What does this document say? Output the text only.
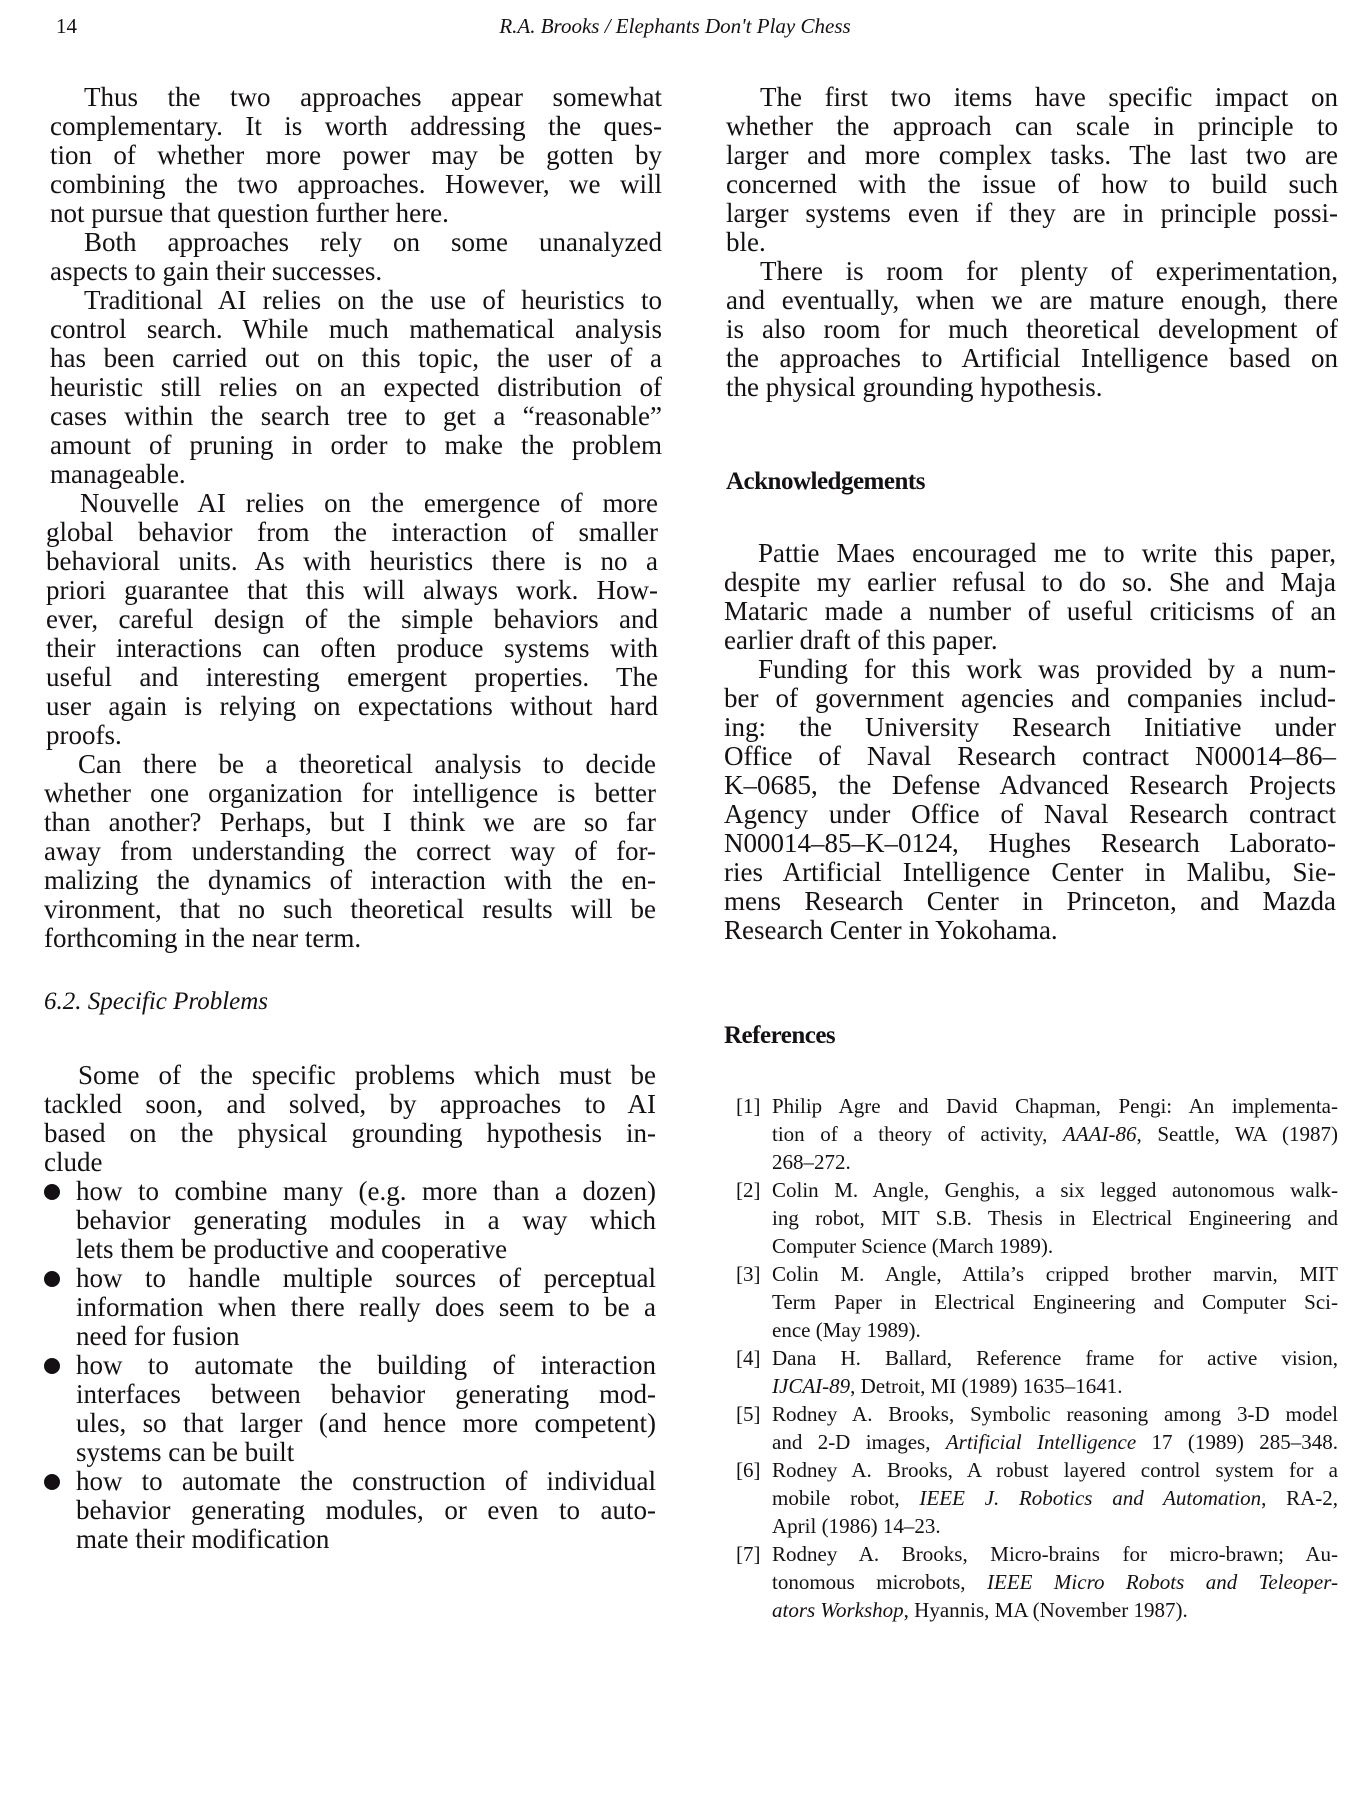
14	R.A. Brooks / Elephants Don't Play Chess
Thus the two approaches appear somewhat
complementary. It is worth addressing the ques-
tion of whether more power may be gotten by
combining the two approaches. However, we will
not pursue that question further here.
Both approaches rely on some unanalyzed
aspects to gain their successes.
Traditional AI relies on the use of heuristics to
control search. While much mathematical analysis
has been carried out on this topic, the user of a
heuristic still relies on an expected distribution of
cases within the search tree to get a “reasonable”
amount of pruning in order to make the problem
manageable.
Nouvelle AI relies on the emergence of more
global behavior from the interaction of smaller
behavioral units. As with heuristics there is no a
priori guarantee that this will always work. How-
ever, careful design of the simple behaviors and
their interactions can often produce systems with
useful and interesting emergent properties. The
user again is relying on expectations without hard
proofs.
Can there be a theoretical analysis to decide
whether one organization for intelligence is better
than another? Perhaps, but I think we are so far
away from understanding the correct way of for-
malizing the dynamics of interaction with the en-
vironment, that no such theoretical results will be
forthcoming in the near term.
6.2. Specific Problems
Some of the specific problems which must be
tackled soon, and solved, by approaches to AI
based on the physical grounding hypothesis in-
clude
how to combine many (e.g. more than a dozen)
behavior generating modules in a way which
lets them be productive and cooperative
how to handle multiple sources of perceptual
information when there really does seem to be a
need for fusion
how to automate the building of interaction
interfaces between behavior generating mod-
ules, so that larger (and hence more competent)
systems can be built
how to automate the construction of individual
behavior generating modules, or even to auto-
mate their modification
The first two items have specific impact on
whether the approach can scale in principle to
larger and more complex tasks. The last two are
concerned with the issue of how to build such
larger systems even if they are in principle possi-
ble.
There is room for plenty of experimentation,
and eventually, when we are mature enough, there
is also room for much theoretical development of
the approaches to Artificial Intelligence based on
the physical grounding hypothesis.
Acknowledgements
Pattie Maes encouraged me to write this paper,
despite my earlier refusal to do so. She and Maja
Mataric made a number of useful criticisms of an
earlier draft of this paper.
Funding for this work was provided by a num-
ber of government agencies and companies includ-
ing: the University Research Initiative under
Office of Naval Research contract N00014–86–
K–0685, the Defense Advanced Research Projects
Agency under Office of Naval Research contract
N00014–85–K–0124, Hughes Research Laborato-
ries Artificial Intelligence Center in Malibu, Sie-
mens Research Center in Princeton, and Mazda
Research Center in Yokohama.
References
[1] Philip Agre and David Chapman, Pengi: An implementa-
tion of a theory of activity, AAAI-86, Seattle, WA (1987)
268–272.
[2] Colin M. Angle, Genghis, a six legged autonomous walk-
ing robot, MIT S.B. Thesis in Electrical Engineering and
Computer Science (March 1989).
[3] Colin M. Angle, Attila’s cripped brother marvin, MIT
Term Paper in Electrical Engineering and Computer Sci-
ence (May 1989).
[4] Dana H. Ballard, Reference frame for active vision,
IJCAI-89, Detroit, MI (1989) 1635–1641.
[5] Rodney A. Brooks, Symbolic reasoning among 3-D model
and 2-D images, Artificial Intelligence 17 (1989) 285–348.
[6] Rodney A. Brooks, A robust layered control system for a
mobile robot, IEEE J. Robotics and Automation, RA-2,
April (1986) 14–23.
[7] Rodney A. Brooks, Micro-brains for micro-brawn; Au-
tonomous microbots, IEEE Micro Robots and Teleoper-
ators Workshop, Hyannis, MA (November 1987).
